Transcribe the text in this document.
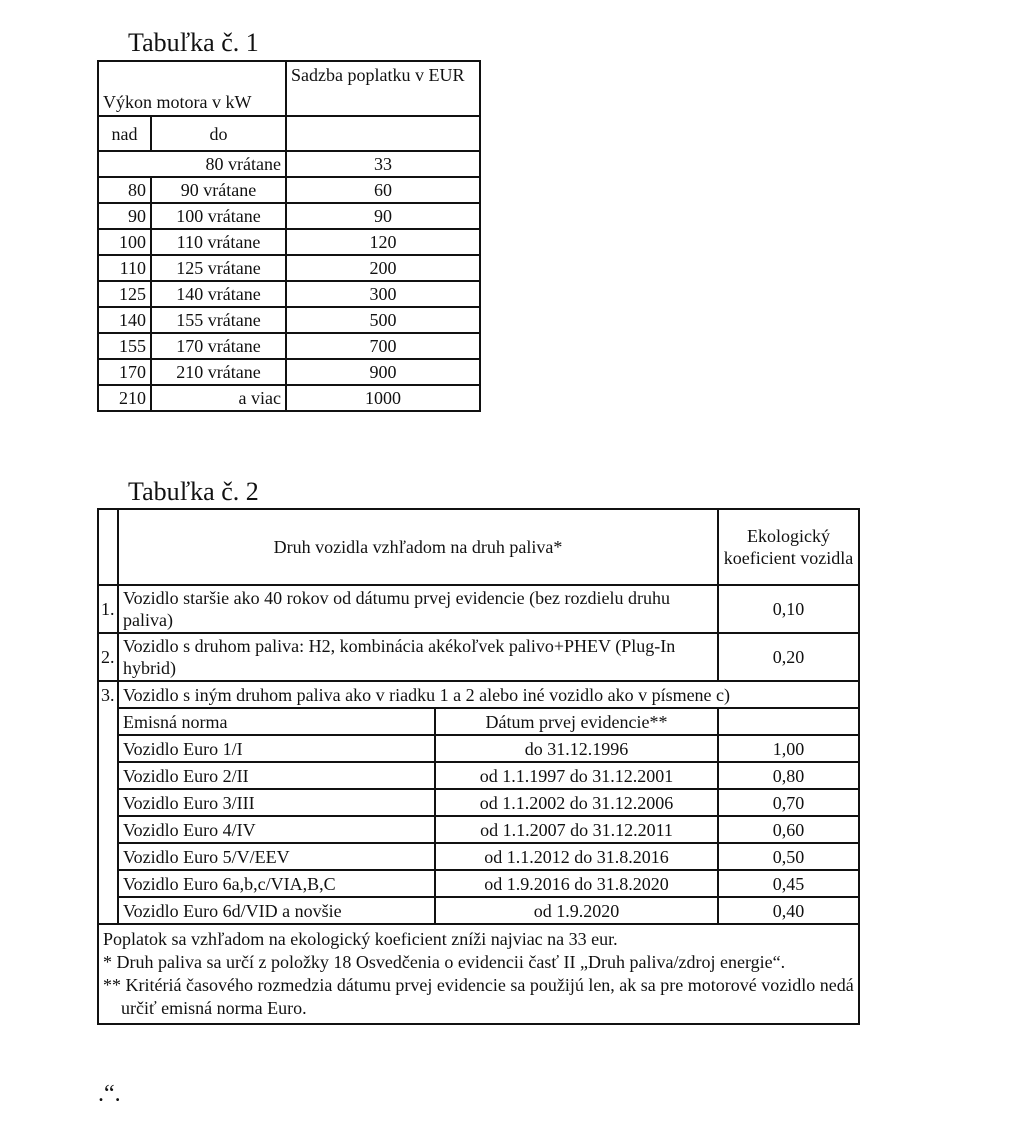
Tabuľka č. 1
Výkon motora v kW		Sadzba poplatku v EUR
nad	do	
80 vrátane		33
80	90 vrátane	60
90	100 vrátane	90
100	110 vrátane	120
110	125 vrátane	200
125	140 vrátane	300
140	155 vrátane	500
155	170 vrátane	700
170	210 vrátane	900
210	a viac	1000
Tabuľka č. 2
	Druh vozidla vzhľadom na druh paliva*		Ekologický koeficient vozidla
1.	Vozidlo staršie ako 40 rokov od dátumu prvej evidencie (bez rozdielu druhu paliva)		0,10
2.	Vozidlo s druhom paliva: H2, kombinácia akékoľvek palivo+PHEV (Plug-In hybrid)		0,20
3.	Vozidlo s iným druhom paliva ako v riadku 1 a 2 alebo iné vozidlo ako v písmene c)		
	Emisná norma	Dátum prvej evidencie**	
	Vozidlo Euro 1/I	do 31.12.1996	1,00
	Vozidlo Euro 2/II	od 1.1.1997 do 31.12.2001	0,80
	Vozidlo Euro 3/III	od 1.1.2002 do 31.12.2006	0,70
	Vozidlo Euro 4/IV	od 1.1.2007 do 31.12.2011	0,60
	Vozidlo Euro 5/V/EEV	od 1.1.2012 do 31.8.2016	0,50
	Vozidlo Euro 6a,b,c/VIA,B,C	od 1.9.2016 do 31.8.2020	0,45
	Vozidlo Euro 6d/VID a novšie	od 1.9.2020	0,40

Poplatok sa vzhľadom na ekologický koeficient zníži najviac na 33 eur.
* Druh paliva sa určí z položky 18 Osvedčenia o evidencii časť II „Druh paliva/zdroj energie“.
** Kritériá časového rozmedzia dátumu prvej evidencie sa použijú len, ak sa pre motorové vozidlo nedá určiť emisná norma Euro.			
.“.
